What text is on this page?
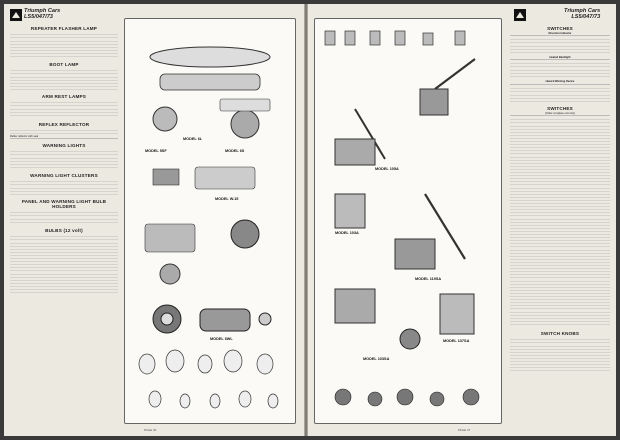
Triumph Cars
LS5/047/73
REPEATER FLASHER LAMP
BOOT LAMP
ARM REST LAMPS
REFLEX REFLECTOR
Reflex reflector with seal
WARNING LIGHTS
WARNING LIGHT CLUSTERS
PANEL AND WARNING LIGHT BULB HOLDERS
BULBS (12 volt)
MODEL 6L
MODEL 5SF	MODEL 6S
MODEL W.15
MODEL 6WL
PAGE 36
Triumph Cars
LS5/047/73
MODEL 105A
MODEL 103A
MODEL 119SA
MODEL 137SA
MODEL 103SA
SWITCHES
Direction Indicator
Heated Backlight
Hazard Warning Device
SWITCHES
(Order complete unit only)
SWITCH KNOBS
PAGE 37
